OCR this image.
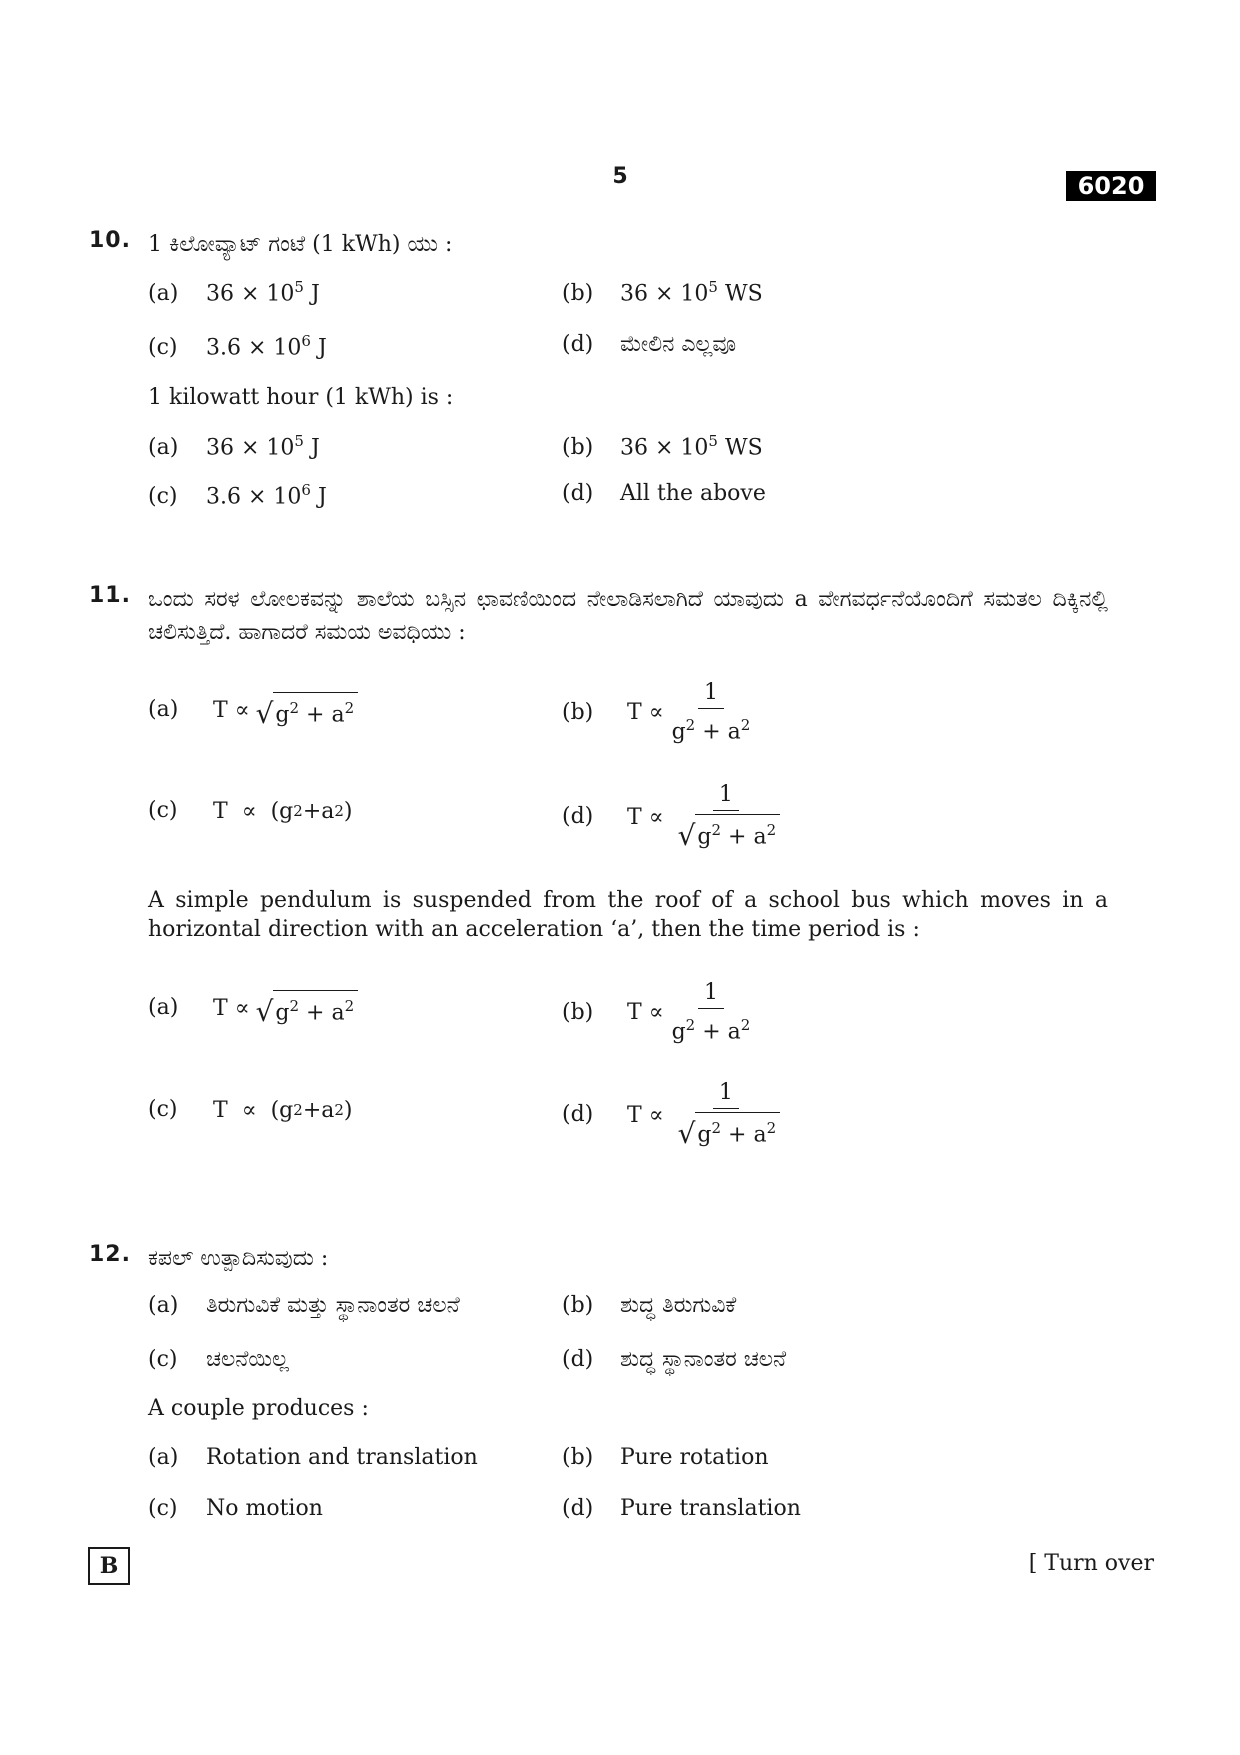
5	6020
10. 1 ಕಿಲೋವ್ಯಾಟ್ ಗಂಟೆ (1 kWh) ಯು :
(a) $36 \times 10^5$ J	(b) $36 \times 10^5$ WS
(c) $3.6 \times 10^6$ J	(d) ಮೇಲಿನ ಎಲ್ಲವೂ
1 kilowatt hour (1 kWh) is :
(a) $36 \times 10^5$ J	(b) $36 \times 10^5$ WS
(c) $3.6 \times 10^6$ J	(d) All the above
11. ಒಂದು ಸರಳ ಲೋಲಕವನ್ನು ಶಾಲೆಯ ಬಸ್ಸಿನ ಛಾವಣಿಯಿಂದ ನೇಲಾಡಿಸಲಾಗಿದೆ ಯಾವುದು a ವೇಗವರ್ಧನೆಯೊಂದಿಗೆ ಸಮತಲ ದಿಕ್ಕಿನಲ್ಲಿ ಚಲಿಸುತ್ತಿದೆ. ಹಾಗಾದರೆ ಸಮಯ ಅವಧಿಯು :
(a) T
∝ √ $g^2 + a^2$	(b) T
∝ $\frac{1}{g^2 + a^2}$
(c) T
∝
( g 2 + a 2 )	(d) T
∝ $\frac{1}{√ g^2 + a^2}$
A simple pendulum is suspended from the roof of a school bus which moves in a horizontal direction with an acceleration ‘a’, then the time period is :
(a) T
∝ √ $g^2 + a^2$	(b) T
∝ $\frac{1}{g^2 + a^2}$
(c) T
∝
( g 2 + a 2 )	(d) T
∝ $\frac{1}{√ g^2 + a^2}$
12. ಕಪಲ್ ಉತ್ಪಾದಿಸುವುದು :
(a) ತಿರುಗುವಿಕೆ ಮತ್ತು ಸ್ಥಾನಾಂತರ ಚಲನೆ	(b) ಶುದ್ಧ ತಿರುಗುವಿಕೆ
(c) ಚಲನೆಯಿಲ್ಲ	(d) ಶುದ್ಧ ಸ್ಥಾನಾಂತರ ಚಲನೆ
A couple produces :
(a) Rotation and translation	(b) Pure rotation
(c) No motion	(d) Pure translation
B	[ Turn over
